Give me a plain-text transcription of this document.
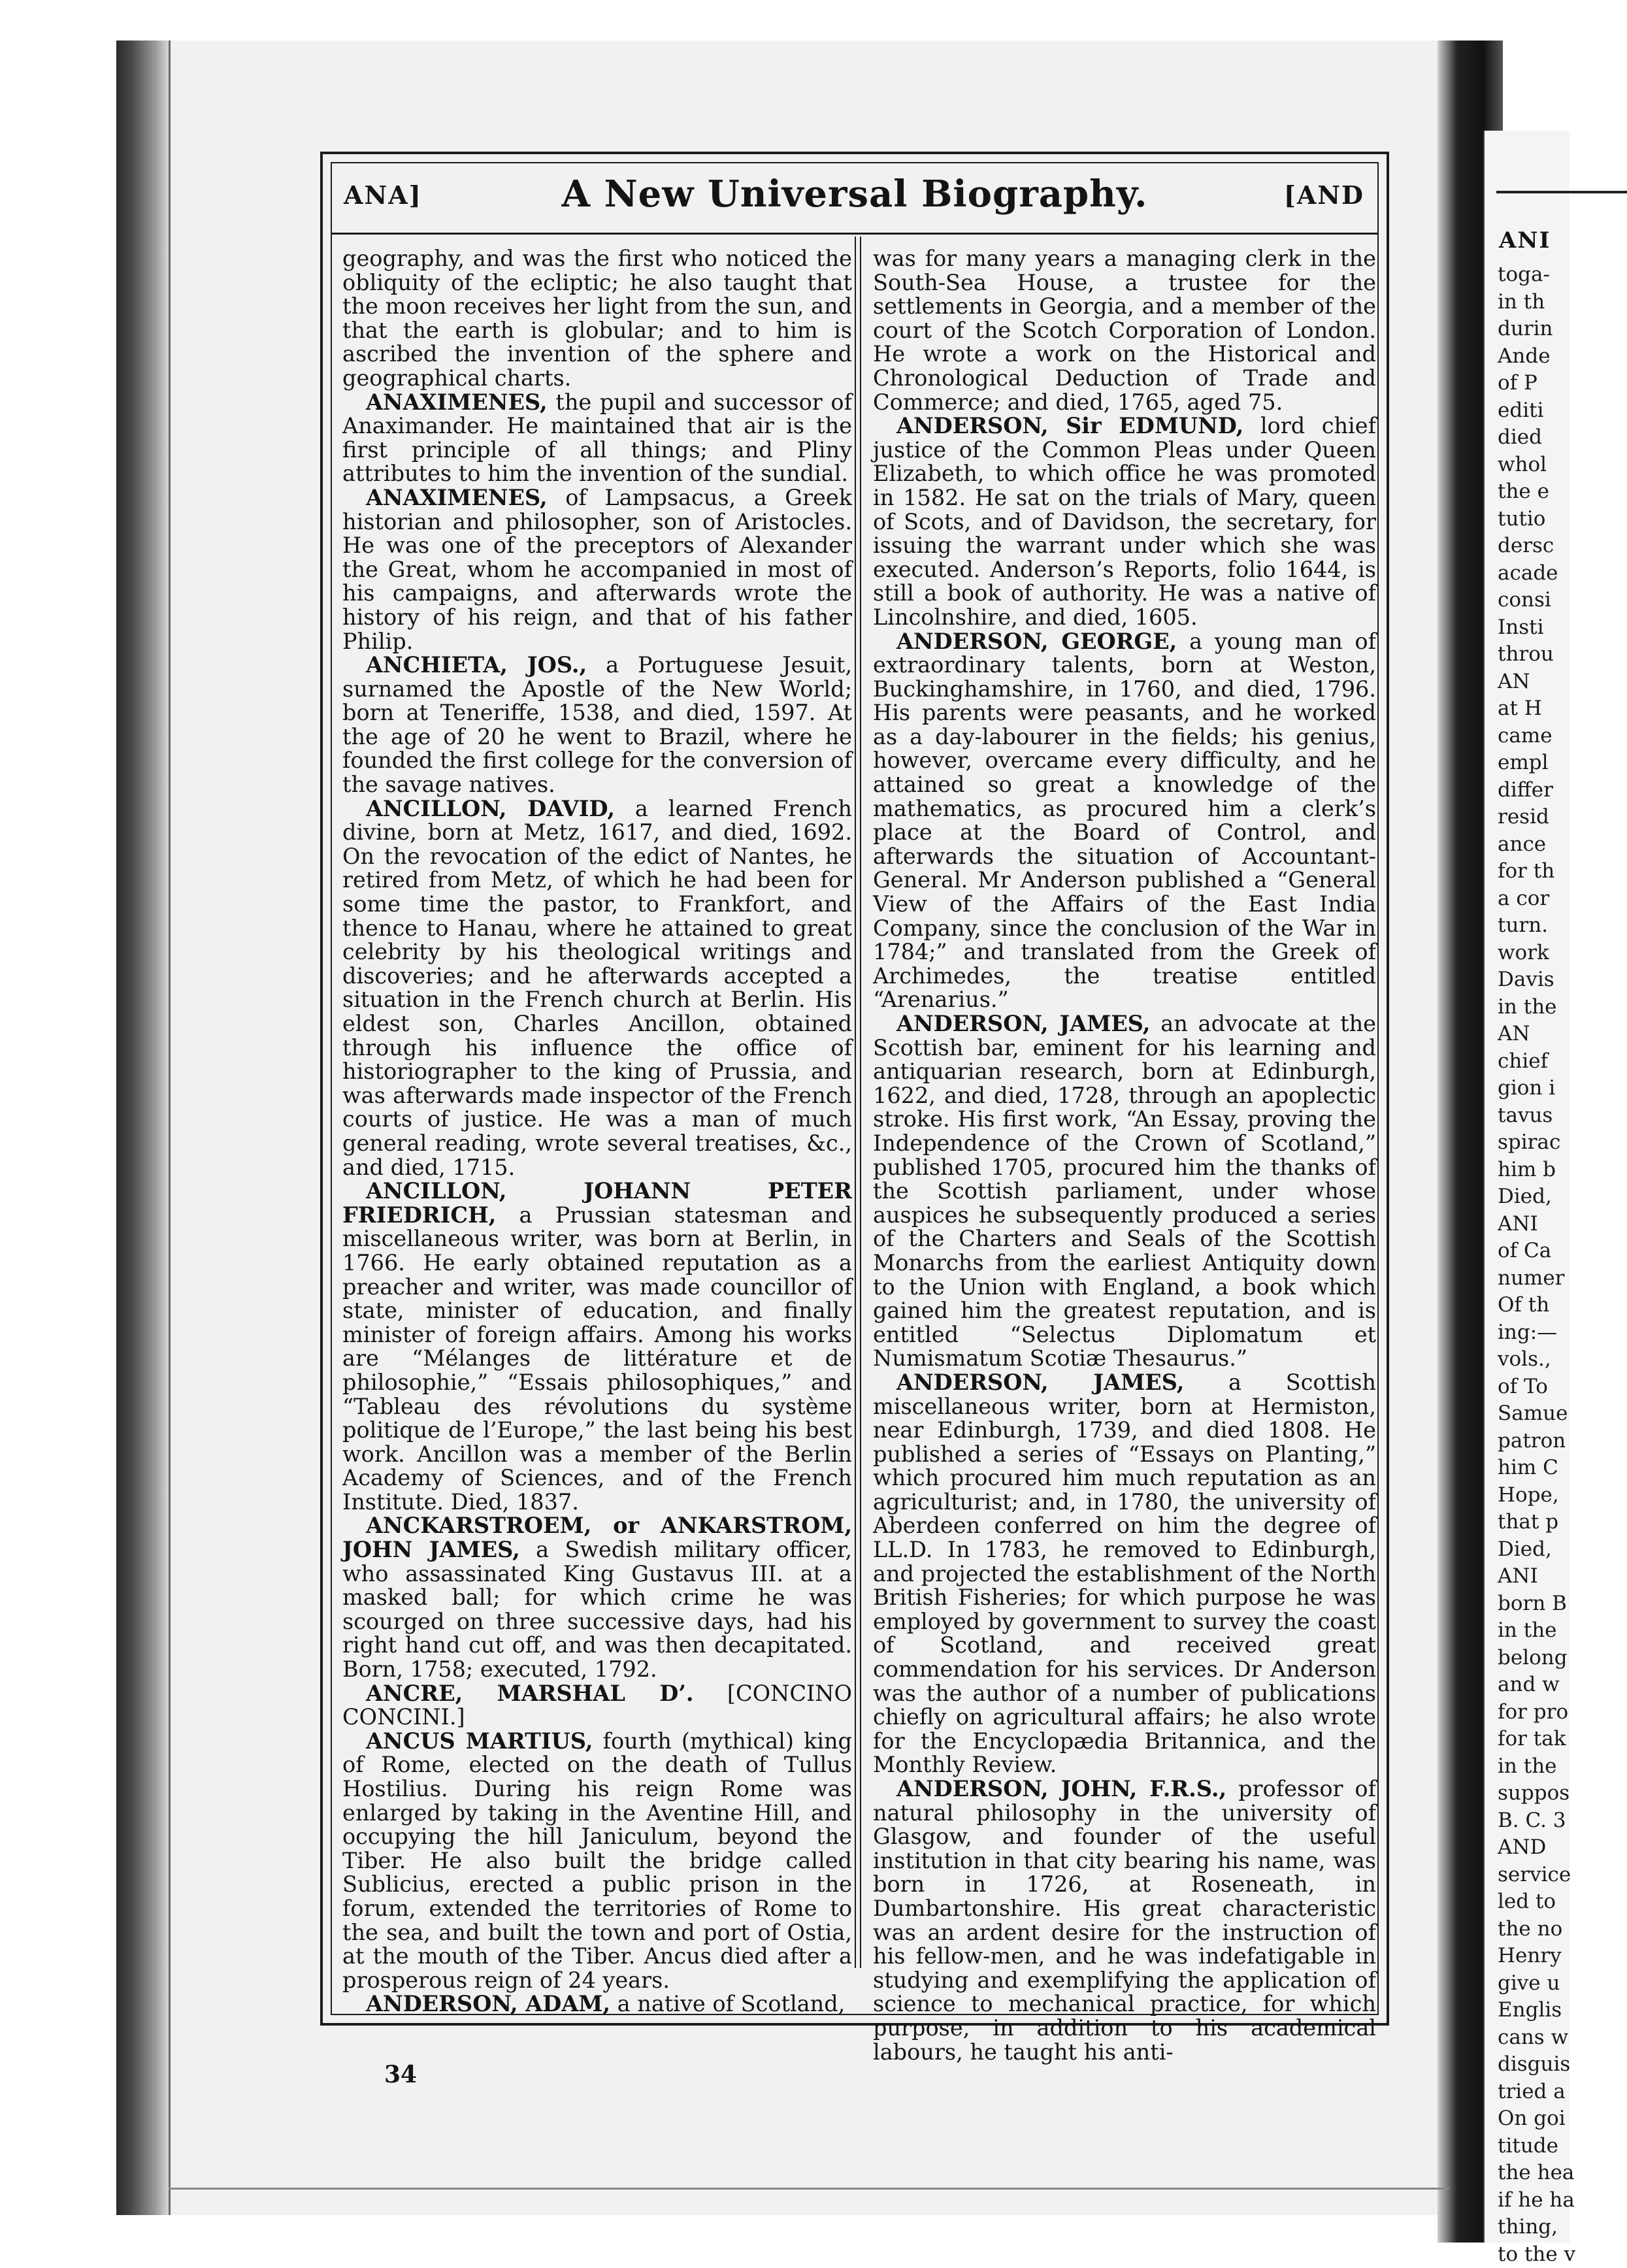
ANI
toga-
in th
durin
Ande
of P
editi
died
whol
the e
tutio
dersc
acade
consi
Insti
throu
AN
at H
came
empl
differ
resid
ance
for th
a cor
turn.
work
Davis
in the
AN
chief
gion i
tavus
spirac
him b
Died,
ANI
of Ca
numer
Of th
ing:—
vols.,
of To
Samue
patron
him C
Hope,
that p
Died,
ANI
born B
in the
belong
and w
for pro
for tak
in the
suppos
B. C. 3
AND
service
led to
the no
Henry
give u
Englis
cans w
disguis
tried a
On goi
titude
the hea
if he ha
thing,
to the v
ANA]	A New Universal Biography.	[AND

geography, and was the first who noticed the obliquity of the ecliptic; he also taught that the moon receives her light from the sun, and that the earth is globular; and to him is ascribed the invention of the sphere and geographical charts.

ANAXIMENES, the pupil and successor of Anaximander. He maintained that air is the first principle of all things; and Pliny attributes to him the invention of the sundial.

ANAXIMENES, of Lampsacus, a Greek historian and philosopher, son of Aristocles. He was one of the preceptors of Alexander the Great, whom he accompanied in most of his campaigns, and afterwards wrote the history of his reign, and that of his father Philip.

ANCHIETA, JOS., a Portuguese Jesuit, surnamed the Apostle of the New World; born at Teneriffe, 1538, and died, 1597. At the age of 20 he went to Brazil, where he founded the first college for the conversion of the savage natives.

ANCILLON, DAVID, a learned French divine, born at Metz, 1617, and died, 1692. On the revocation of the edict of Nantes, he retired from Metz, of which he had been for some time the pastor, to Frankfort, and thence to Hanau, where he attained to great celebrity by his theological writings and discoveries; and he afterwards accepted a situation in the French church at Berlin. His eldest son, Charles Ancillon, obtained through his influence the office of historiographer to the king of Prussia, and was afterwards made inspector of the French courts of justice. He was a man of much general reading, wrote several treatises, &c., and died, 1715.

ANCILLON, JOHANN PETER FRIEDRICH, a Prussian statesman and miscellaneous writer, was born at Berlin, in 1766. He early obtained reputation as a preacher and writer, was made councillor of state, minister of education, and finally minister of foreign affairs. Among his works are “Mélanges de littérature et de philosophie,” “Essais philosophiques,” and “Tableau des révolutions du système politique de l’Europe,” the last being his best work. Ancillon was a member of the Berlin Academy of Sciences, and of the French Institute. Died, 1837.

ANCKARSTROEM, or ANKARSTROM, JOHN JAMES, a Swedish military officer, who assassinated King Gustavus III. at a masked ball; for which crime he was scourged on three successive days, had his right hand cut off, and was then decapitated. Born, 1758; executed, 1792.

ANCRE, MARSHAL D’. [CONCINO CONCINI.]

ANCUS MARTIUS, fourth (mythical) king of Rome, elected on the death of Tullus Hostilius. During his reign Rome was enlarged by taking in the Aventine Hill, and occupying the hill Janiculum, beyond the Tiber. He also built the bridge called Sublicius, erected a public prison in the forum, extended the territories of Rome to the sea, and built the town and port of Ostia, at the mouth of the Tiber. Ancus died after a prosperous reign of 24 years.

ANDERSON, ADAM, a native of Scotland,

was for many years a managing clerk in the South-Sea House, a trustee for the settlements in Georgia, and a member of the court of the Scotch Corporation of London. He wrote a work on the Historical and Chronological Deduction of Trade and Commerce; and died, 1765, aged 75.

ANDERSON, Sir EDMUND, lord chief justice of the Common Pleas under Queen Elizabeth, to which office he was promoted in 1582. He sat on the trials of Mary, queen of Scots, and of Davidson, the secretary, for issuing the warrant under which she was executed. Anderson’s Reports, folio 1644, is still a book of authority. He was a native of Lincolnshire, and died, 1605.

ANDERSON, GEORGE, a young man of extraordinary talents, born at Weston, Buckinghamshire, in 1760, and died, 1796. His parents were peasants, and he worked as a day-labourer in the fields; his genius, however, overcame every difficulty, and he attained so great a knowledge of the mathematics, as procured him a clerk’s place at the Board of Control, and afterwards the situation of Accountant-General. Mr Anderson published a “General View of the Affairs of the East India Company, since the conclusion of the War in 1784;” and translated from the Greek of Archimedes, the treatise entitled “Arenarius.”

ANDERSON, JAMES, an advocate at the Scottish bar, eminent for his learning and antiquarian research, born at Edinburgh, 1622, and died, 1728, through an apoplectic stroke. His first work, “An Essay, proving the Independence of the Crown of Scotland,” published 1705, procured him the thanks of the Scottish parliament, under whose auspices he subsequently produced a series of the Charters and Seals of the Scottish Monarchs from the earliest Antiquity down to the Union with England, a book which gained him the greatest reputation, and is entitled “Selectus Diplomatum et Numismatum Scotiæ Thesaurus.”

ANDERSON, JAMES, a Scottish miscellaneous writer, born at Hermiston, near Edinburgh, 1739, and died 1808. He published a series of “Essays on Planting,” which procured him much reputation as an agriculturist; and, in 1780, the university of Aberdeen conferred on him the degree of LL.D. In 1783, he removed to Edinburgh, and projected the establishment of the North British Fisheries; for which purpose he was employed by government to survey the coast of Scotland, and received great commendation for his services. Dr Anderson was the author of a number of publications chiefly on agricultural affairs; he also wrote for the Encyclopædia Britannica, and the Monthly Review.

ANDERSON, JOHN, F.R.S., professor of natural philosophy in the university of Glasgow, and founder of the useful institution in that city bearing his name, was born in 1726, at Roseneath, in Dumbartonshire. His great characteristic was an ardent desire for the instruction of his fellow-men, and he was indefatigable in studying and exemplifying the application of science to mechanical practice, for which purpose, in addition to his academical labours, he taught his anti-

34
